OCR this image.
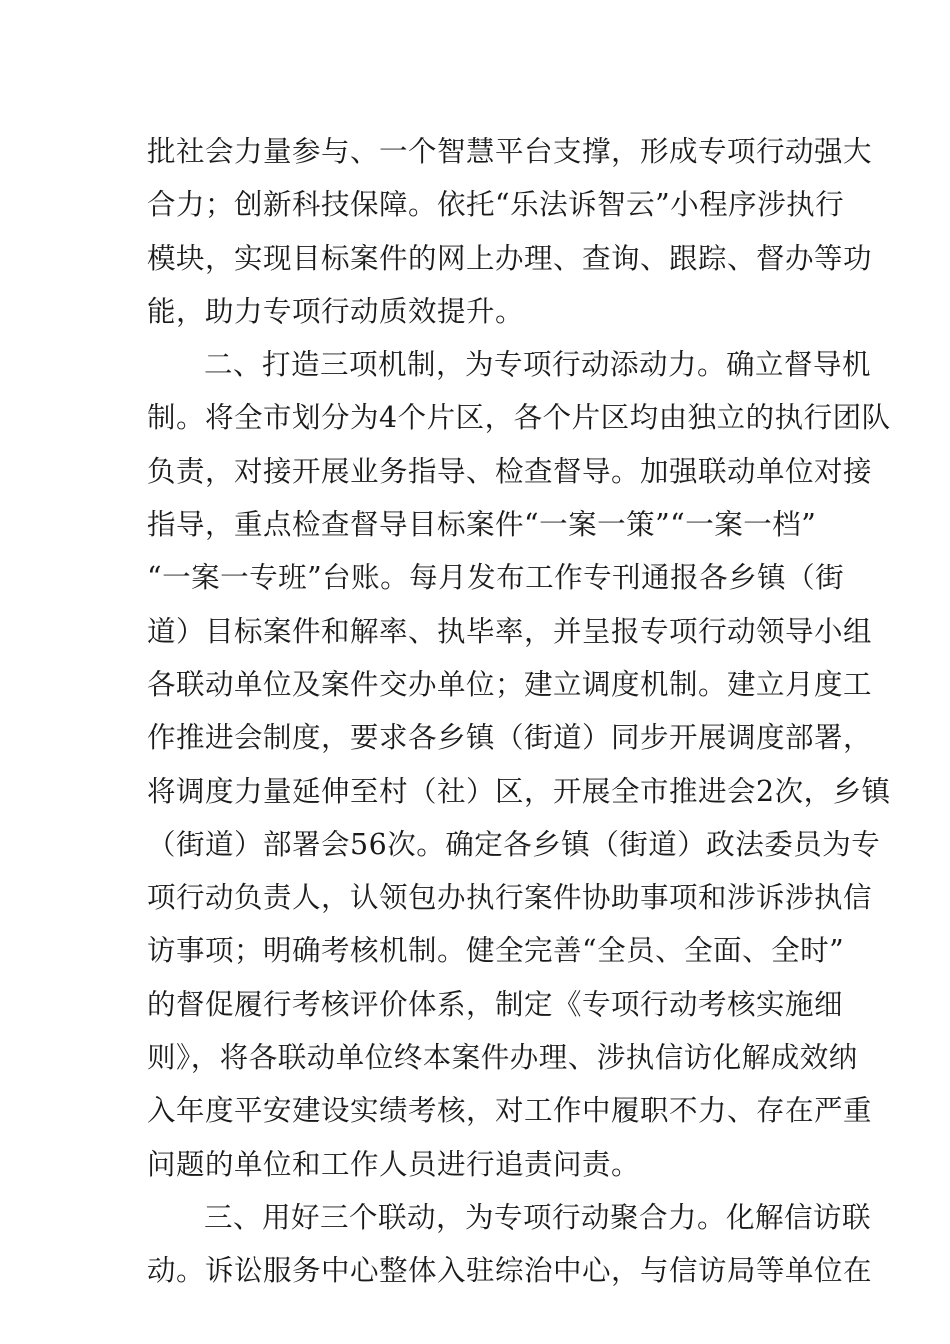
批社会力量参与、一个智慧平台支撑，形成专项行动强大
合力；创新科技保障。依托“乐法诉智云”小程序涉执行
模块，实现目标案件的网上办理、查询、跟踪、督办等功
能，助力专项行动质效提升。
二、打造三项机制，为专项行动添动力。确立督导机
制。将全市划分为4个片区，各个片区均由独立的执行团队
负责，对接开展业务指导、检查督导。加强联动单位对接
指导，重点检查督导目标案件“一案一策”“一案一档”
“一案一专班”台账。每月发布工作专刊通报各乡镇（街
道）目标案件和解率、执毕率，并呈报专项行动领导小组
各联动单位及案件交办单位；建立调度机制。建立月度工
作推进会制度，要求各乡镇（街道）同步开展调度部署，
将调度力量延伸至村（社）区，开展全市推进会2次，乡镇
（街道）部署会56次。确定各乡镇（街道）政法委员为专
项行动负责人，认领包办执行案件协助事项和涉诉涉执信
访事项；明确考核机制。健全完善“全员、全面、全时”
的督促履行考核评价体系，制定《专项行动考核实施细
则》，将各联动单位终本案件办理、涉执信访化解成效纳
入年度平安建设实绩考核，对工作中履职不力、存在严重
问题的单位和工作人员进行追责问责。
三、用好三个联动，为专项行动聚合力。化解信访联
动。诉讼服务中心整体入驻综治中心，与信访局等单位在
